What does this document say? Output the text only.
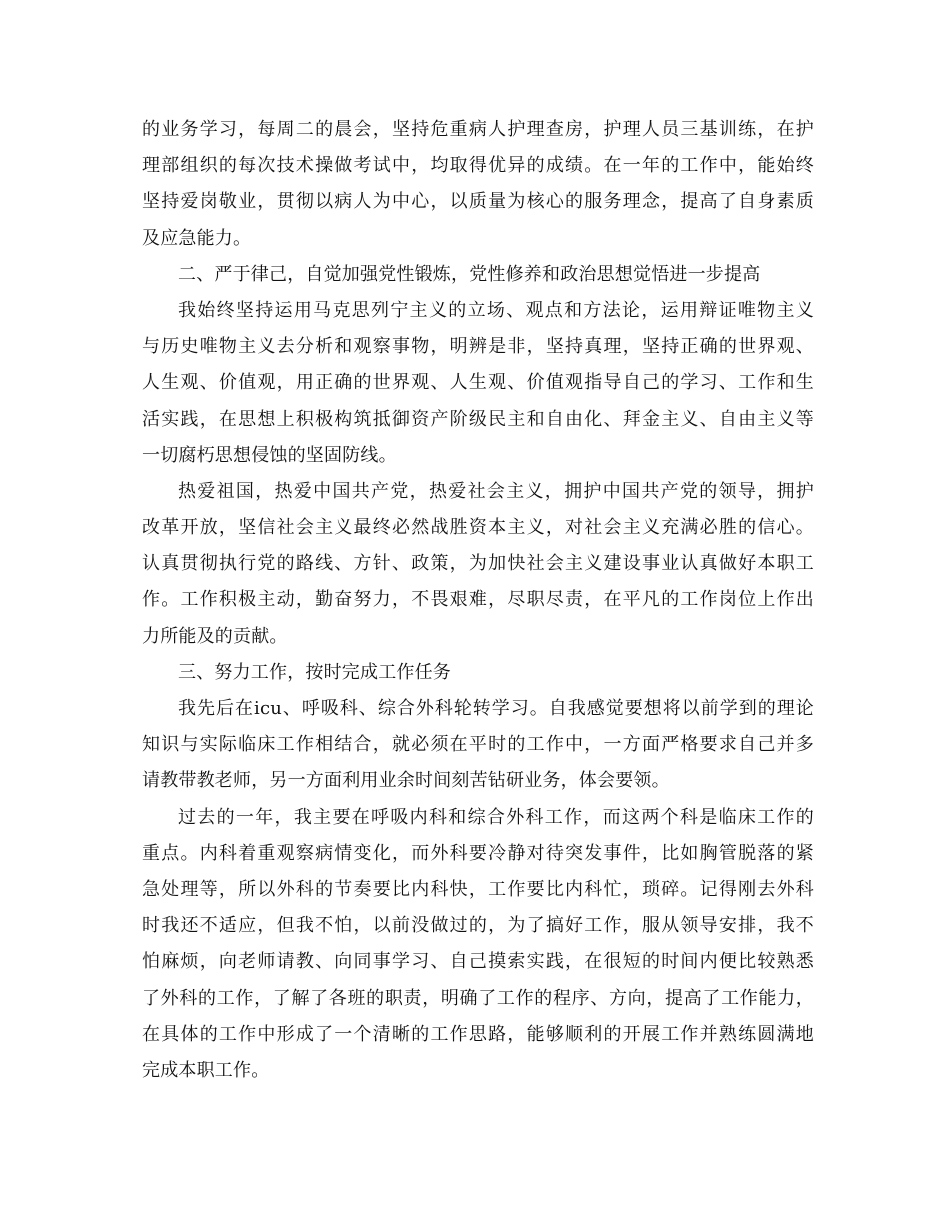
的业务学习，每周二的晨会，坚持危重病人护理查房，护理人员三基训练，在护
理部组织的每次技术操做考试中，均取得优异的成绩。在一年的工作中，能始终
坚持爱岗敬业，贯彻以病人为中心，以质量为核心的服务理念，提高了自身素质
及应急能力。
二、严于律己，自觉加强党性锻炼，党性修养和政治思想觉悟进一步提高
我始终坚持运用马克思列宁主义的立场、观点和方法论，运用辩证唯物主义
与历史唯物主义去分析和观察事物，明辨是非，坚持真理，坚持正确的世界观、
人生观、价值观，用正确的世界观、人生观、价值观指导自己的学习、工作和生
活实践，在思想上积极构筑抵御资产阶级民主和自由化、拜金主义、自由主义等
一切腐朽思想侵蚀的坚固防线。
热爱祖国，热爱中国共产党，热爱社会主义，拥护中国共产党的领导，拥护
改革开放，坚信社会主义最终必然战胜资本主义，对社会主义充满必胜的信心。
认真贯彻执行党的路线、方针、政策，为加快社会主义建设事业认真做好本职工
作。工作积极主动，勤奋努力，不畏艰难，尽职尽责，在平凡的工作岗位上作出
力所能及的贡献。
三、努力工作，按时完成工作任务
我先后在icu、呼吸科、综合外科轮转学习。自我感觉要想将以前学到的理论
知识与实际临床工作相结合，就必须在平时的工作中，一方面严格要求自己并多
请教带教老师，另一方面利用业余时间刻苦钻研业务，体会要领。
过去的一年，我主要在呼吸内科和综合外科工作，而这两个科是临床工作的
重点。内科着重观察病情变化，而外科要冷静对待突发事件，比如胸管脱落的紧
急处理等，所以外科的节奏要比内科快，工作要比内科忙，琐碎。记得刚去外科
时我还不适应，但我不怕，以前没做过的，为了搞好工作，服从领导安排，我不
怕麻烦，向老师请教、向同事学习、自己摸索实践，在很短的时间内便比较熟悉
了外科的工作，了解了各班的职责，明确了工作的程序、方向，提高了工作能力，
在具体的工作中形成了一个清晰的工作思路，能够顺利的开展工作并熟练圆满地
完成本职工作。
